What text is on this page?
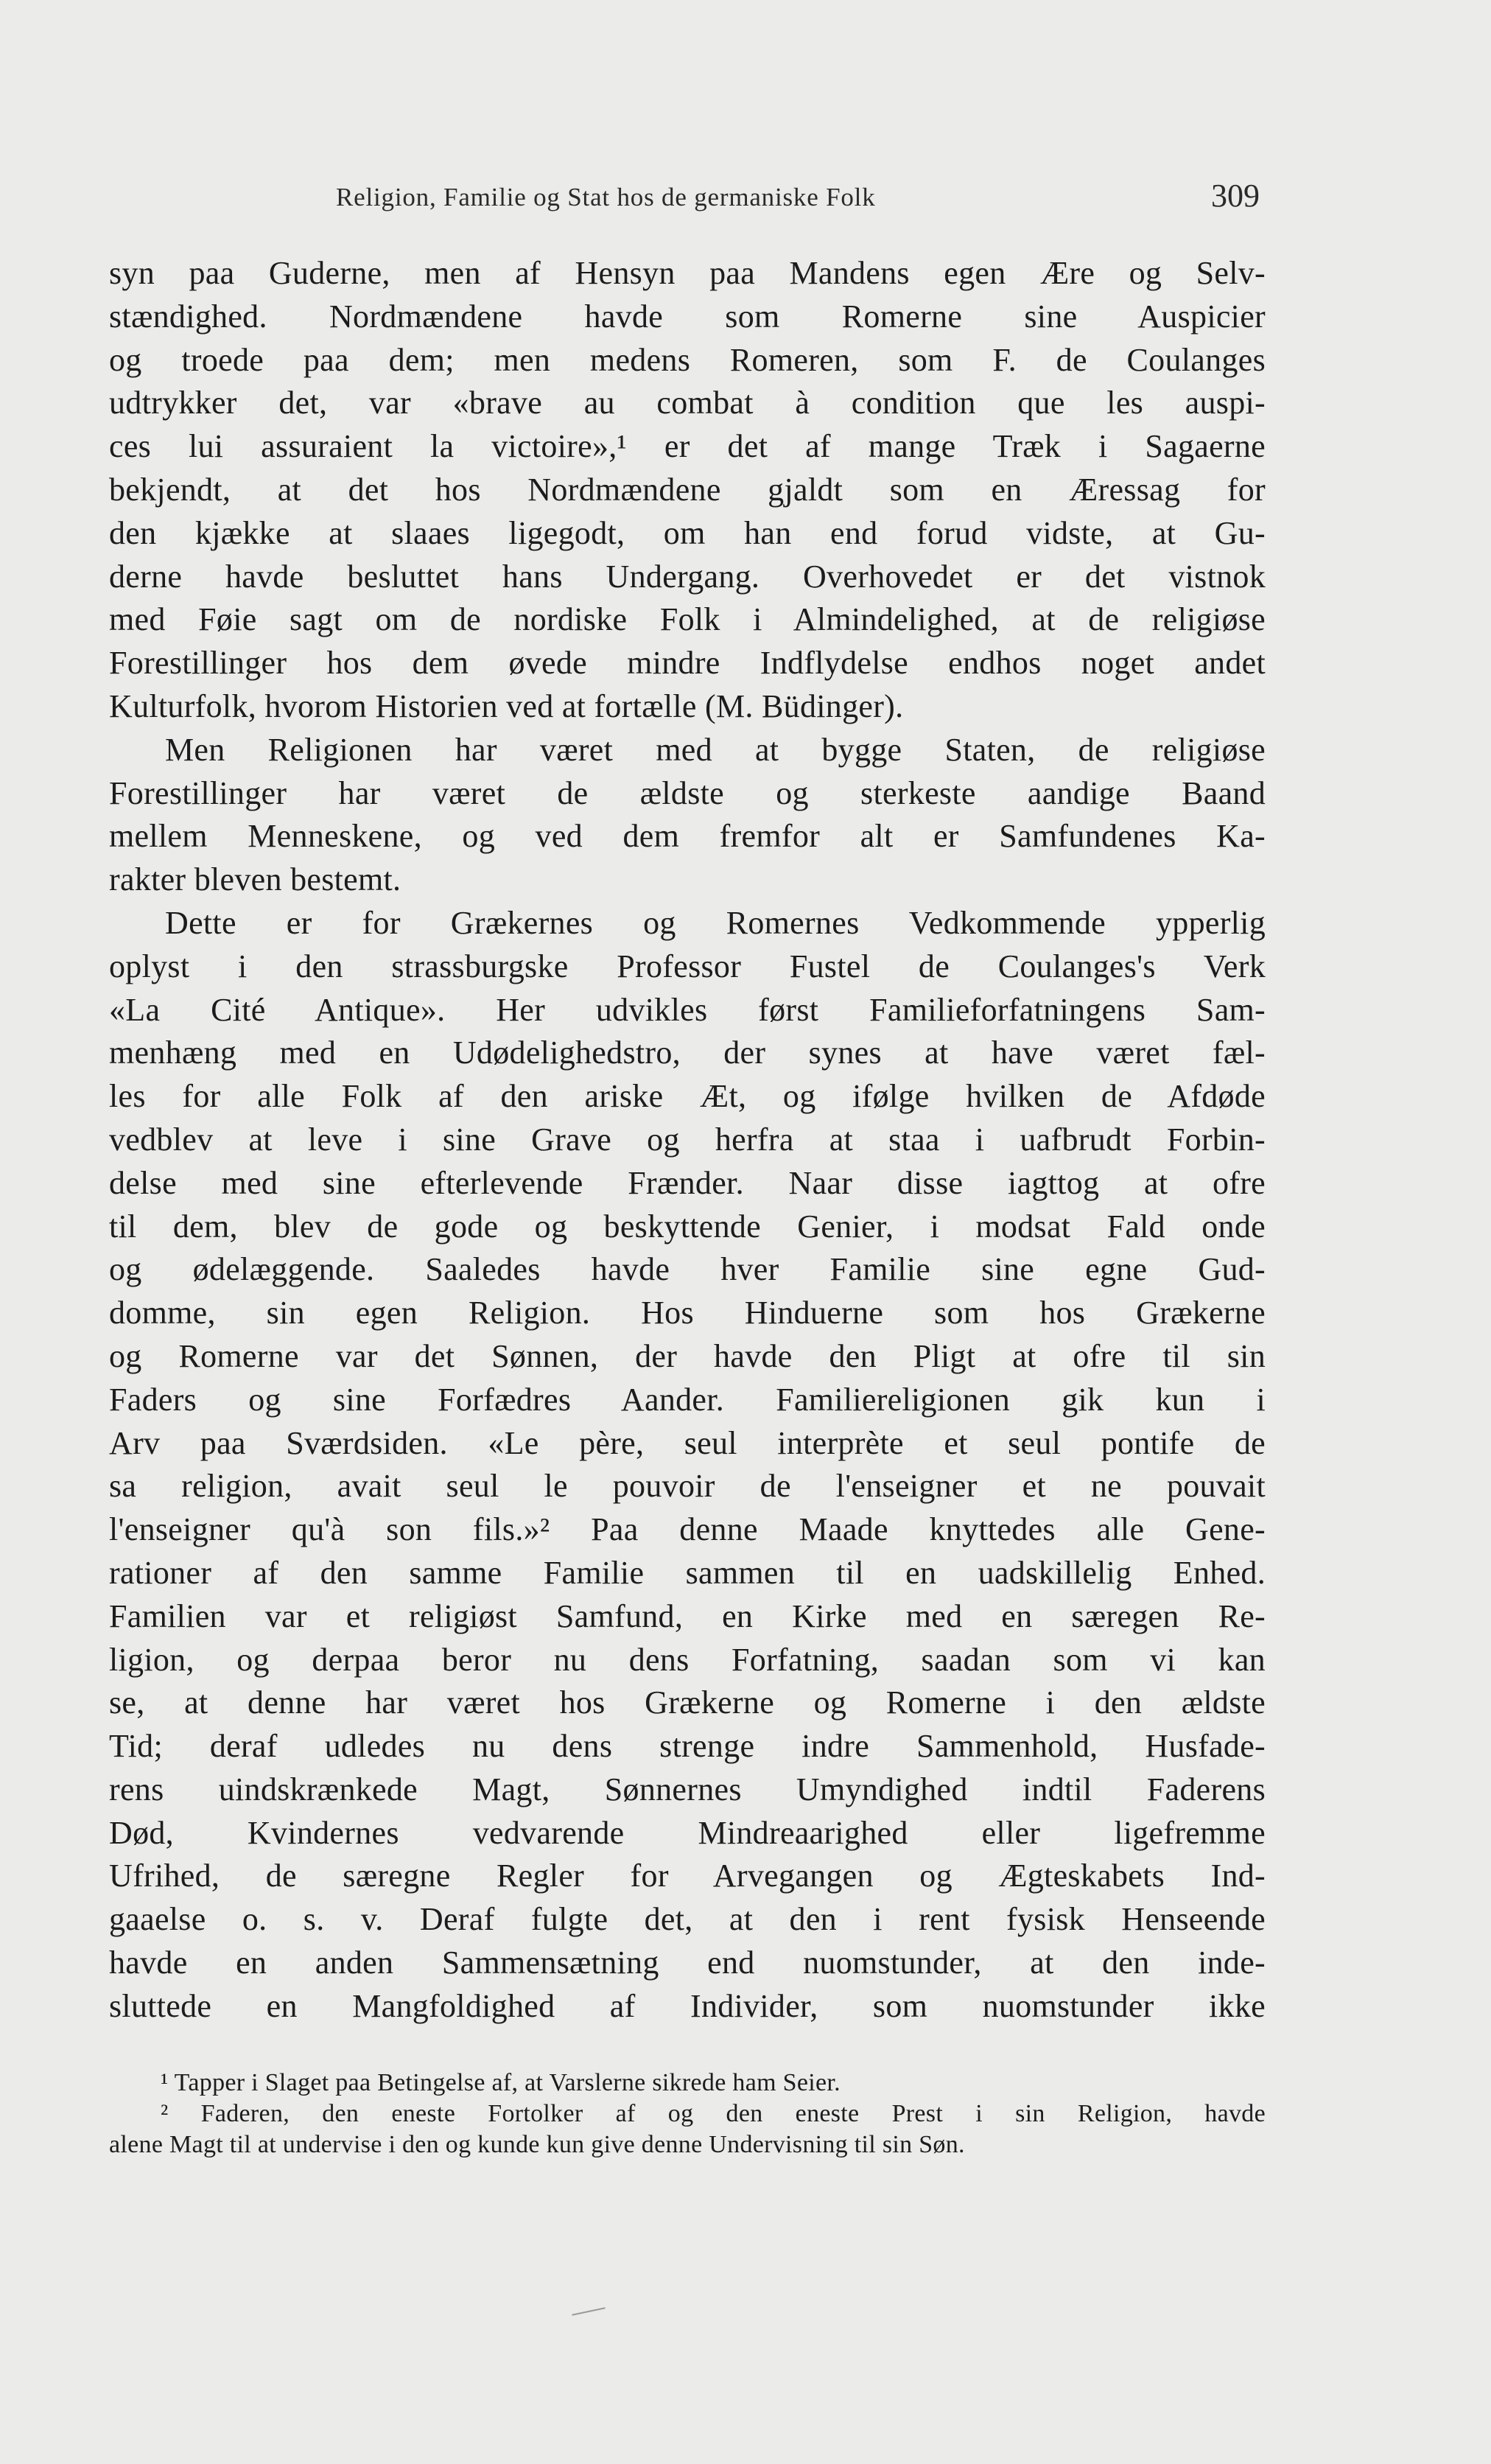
Religion, Familie og Stat hos de germaniske Folk	309
syn paa Guderne, men af Hensyn paa Mandens egen Ære og Selv-
stændighed. Nordmændene havde som Romerne sine Auspicier
og troede paa dem; men medens Romeren, som F. de Coulanges
udtrykker det, var «brave au combat à condition que les auspi-
ces lui assuraient la victoire»,¹ er det af mange Træk i Sagaerne
bekjendt, at det hos Nordmændene gjaldt som en Æressag for
den kjække at slaaes ligegodt, om han end forud vidste, at Gu-
derne havde besluttet hans Undergang. Overhovedet er det vistnok
med Føie sagt om de nordiske Folk i Almindelighed, at de religiøse
Forestillinger hos dem øvede mindre Indflydelse endhos noget andet
Kulturfolk, hvorom Historien ved at fortælle (M. Büdinger).
Men Religionen har været med at bygge Staten, de religiøse
Forestillinger har været de ældste og sterkeste aandige Baand
mellem Menneskene, og ved dem fremfor alt er Samfundenes Ka-
rakter bleven bestemt.
Dette er for Grækernes og Romernes Vedkommende ypperlig
oplyst i den strassburgske Professor Fustel de Coulanges's Verk
«La Cité Antique». Her udvikles først Familieforfatningens Sam-
menhæng med en Udødelighedstro, der synes at have været fæl-
les for alle Folk af den ariske Æt, og ifølge hvilken de Afdøde
vedblev at leve i sine Grave og herfra at staa i uafbrudt Forbin-
delse med sine efterlevende Frænder. Naar disse iagttog at ofre
til dem, blev de gode og beskyttende Genier, i modsat Fald onde
og ødelæggende. Saaledes havde hver Familie sine egne Gud-
domme, sin egen Religion. Hos Hinduerne som hos Grækerne
og Romerne var det Sønnen, der havde den Pligt at ofre til sin
Faders og sine Forfædres Aander. Familiereligionen gik kun i
Arv paa Sværdsiden. «Le père, seul interprète et seul pontife de
sa religion, avait seul le pouvoir de l'enseigner et ne pouvait
l'enseigner qu'à son fils.»² Paa denne Maade knyttedes alle Gene-
rationer af den samme Familie sammen til en uadskillelig Enhed.
Familien var et religiøst Samfund, en Kirke med en særegen Re-
ligion, og derpaa beror nu dens Forfatning, saadan som vi kan
se, at denne har været hos Grækerne og Romerne i den ældste
Tid; deraf udledes nu dens strenge indre Sammenhold, Husfade-
rens uindskrænkede Magt, Sønnernes Umyndighed indtil Faderens
Død, Kvindernes vedvarende Mindreaarighed eller ligefremme
Ufrihed, de særegne Regler for Arvegangen og Ægteskabets Ind-
gaaelse o. s. v. Deraf fulgte det, at den i rent fysisk Henseende
havde en anden Sammensætning end nuomstunder, at den inde-
sluttede en Mangfoldighed af Individer, som nuomstunder ikke
¹ Tapper i Slaget paa Betingelse af, at Varslerne sikrede ham Seier.
² Faderen, den eneste Fortolker af og den eneste Prest i sin Religion, havde
alene Magt til at undervise i den og kunde kun give denne Undervisning til sin Søn.
